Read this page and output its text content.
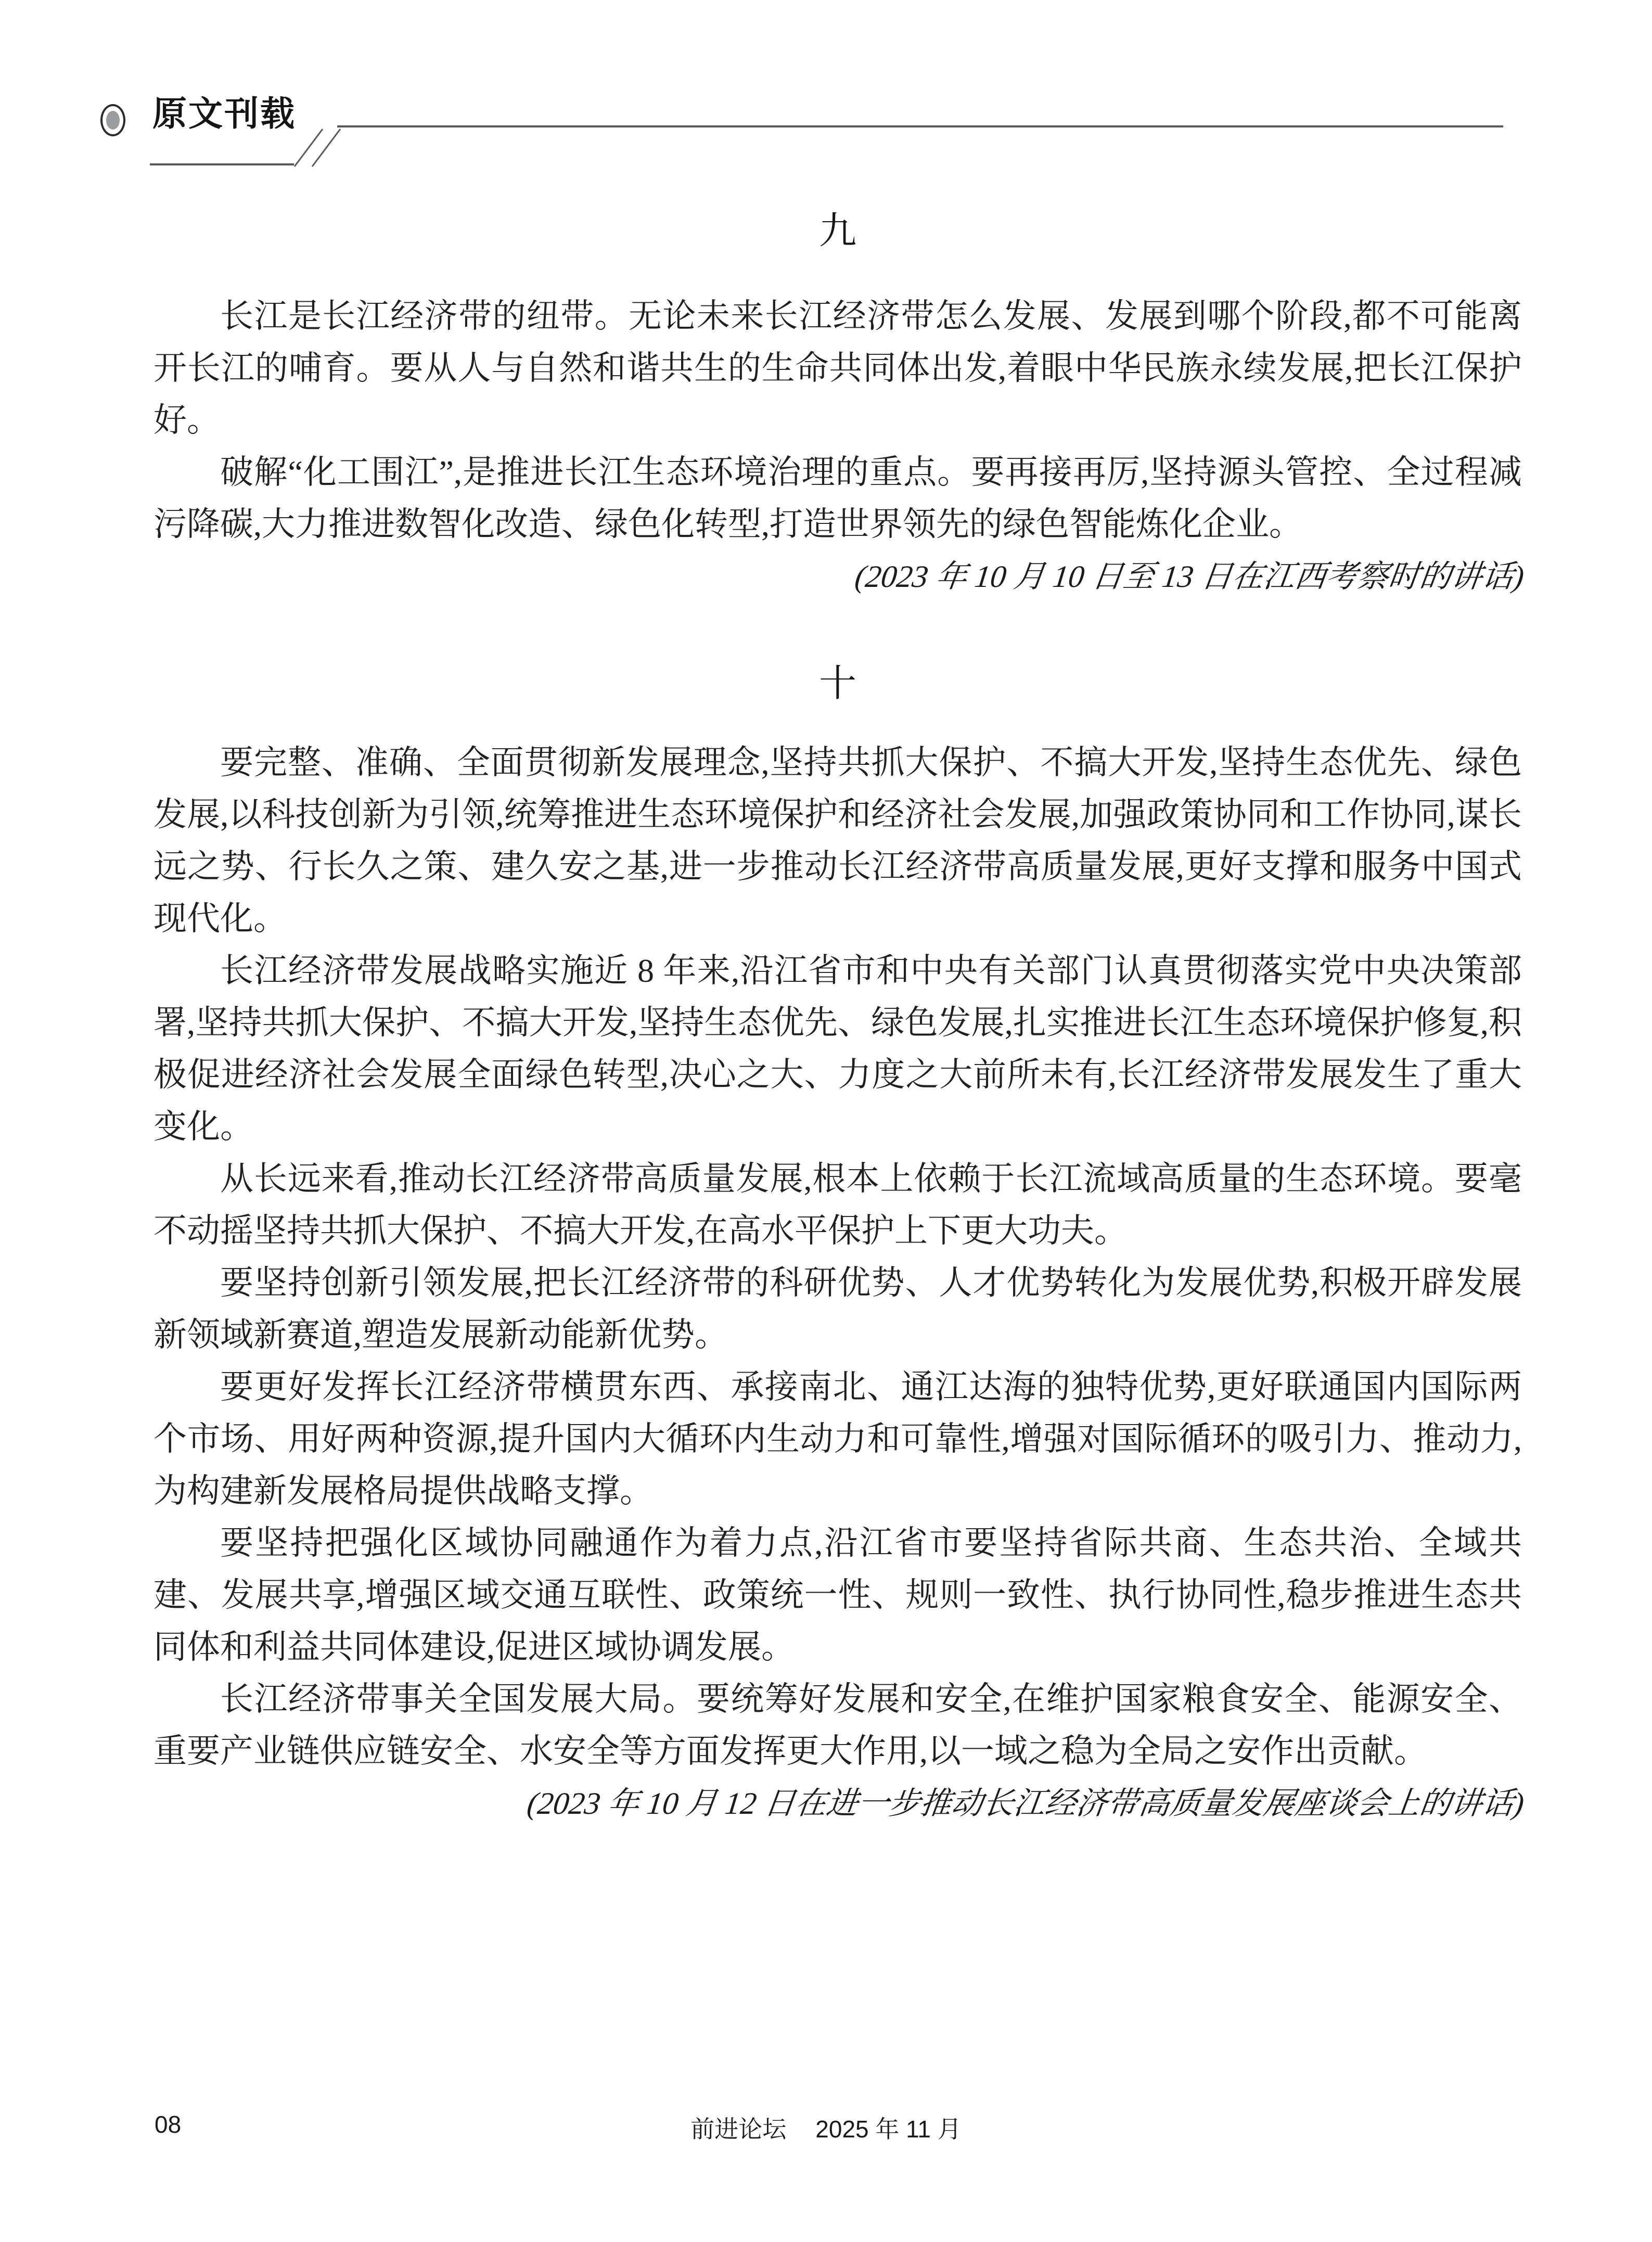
原文刊载
九

长江是长江经济带的纽带。无论未来长江经济带怎么发展、发展到哪个阶段,都不可能离开长江的哺育。要从人与自然和谐共生的生命共同体出发,着眼中华民族永续发展,把长江保护好。

破解“化工围江”,是推进长江生态环境治理的重点。要再接再厉,坚持源头管控、全过程减污降碳,大力推进数智化改造、绿色化转型,打造世界领先的绿色智能炼化企业。

(2023 年 10 月 10 日至 13 日在江西考察时的讲话)

十

要完整、准确、全面贯彻新发展理念,坚持共抓大保护、不搞大开发,坚持生态优先、绿色发展,以科技创新为引领,统筹推进生态环境保护和经济社会发展,加强政策协同和工作协同,谋长远之势、行长久之策、建久安之基,进一步推动长江经济带高质量发展,更好支撑和服务中国式现代化。

长江经济带发展战略实施近 8 年来,沿江省市和中央有关部门认真贯彻落实党中央决策部署,坚持共抓大保护、不搞大开发,坚持生态优先、绿色发展,扎实推进长江生态环境保护修复,积极促进经济社会发展全面绿色转型,决心之大、力度之大前所未有,长江经济带发展发生了重大变化。

从长远来看,推动长江经济带高质量发展,根本上依赖于长江流域高质量的生态环境。要毫不动摇坚持共抓大保护、不搞大开发,在高水平保护上下更大功夫。

要坚持创新引领发展,把长江经济带的科研优势、人才优势转化为发展优势,积极开辟发展新领域新赛道,塑造发展新动能新优势。

要更好发挥长江经济带横贯东西、承接南北、通江达海的独特优势,更好联通国内国际两个市场、用好两种资源,提升国内大循环内生动力和可靠性,增强对国际循环的吸引力、推动力,为构建新发展格局提供战略支撑。

要坚持把强化区域协同融通作为着力点,沿江省市要坚持省际共商、生态共治、全域共建、发展共享,增强区域交通互联性、政策统一性、规则一致性、执行协同性,稳步推进生态共同体和利益共同体建设,促进区域协调发展。

长江经济带事关全国发展大局。要统筹好发展和安全,在维护国家粮食安全、能源安全、重要产业链供应链安全、水安全等方面发挥更大作用,以一域之稳为全局之安作出贡献。

(2023 年 10 月 12 日在进一步推动长江经济带高质量发展座谈会上的讲话)

08	前进论坛 2025 年 11 月
